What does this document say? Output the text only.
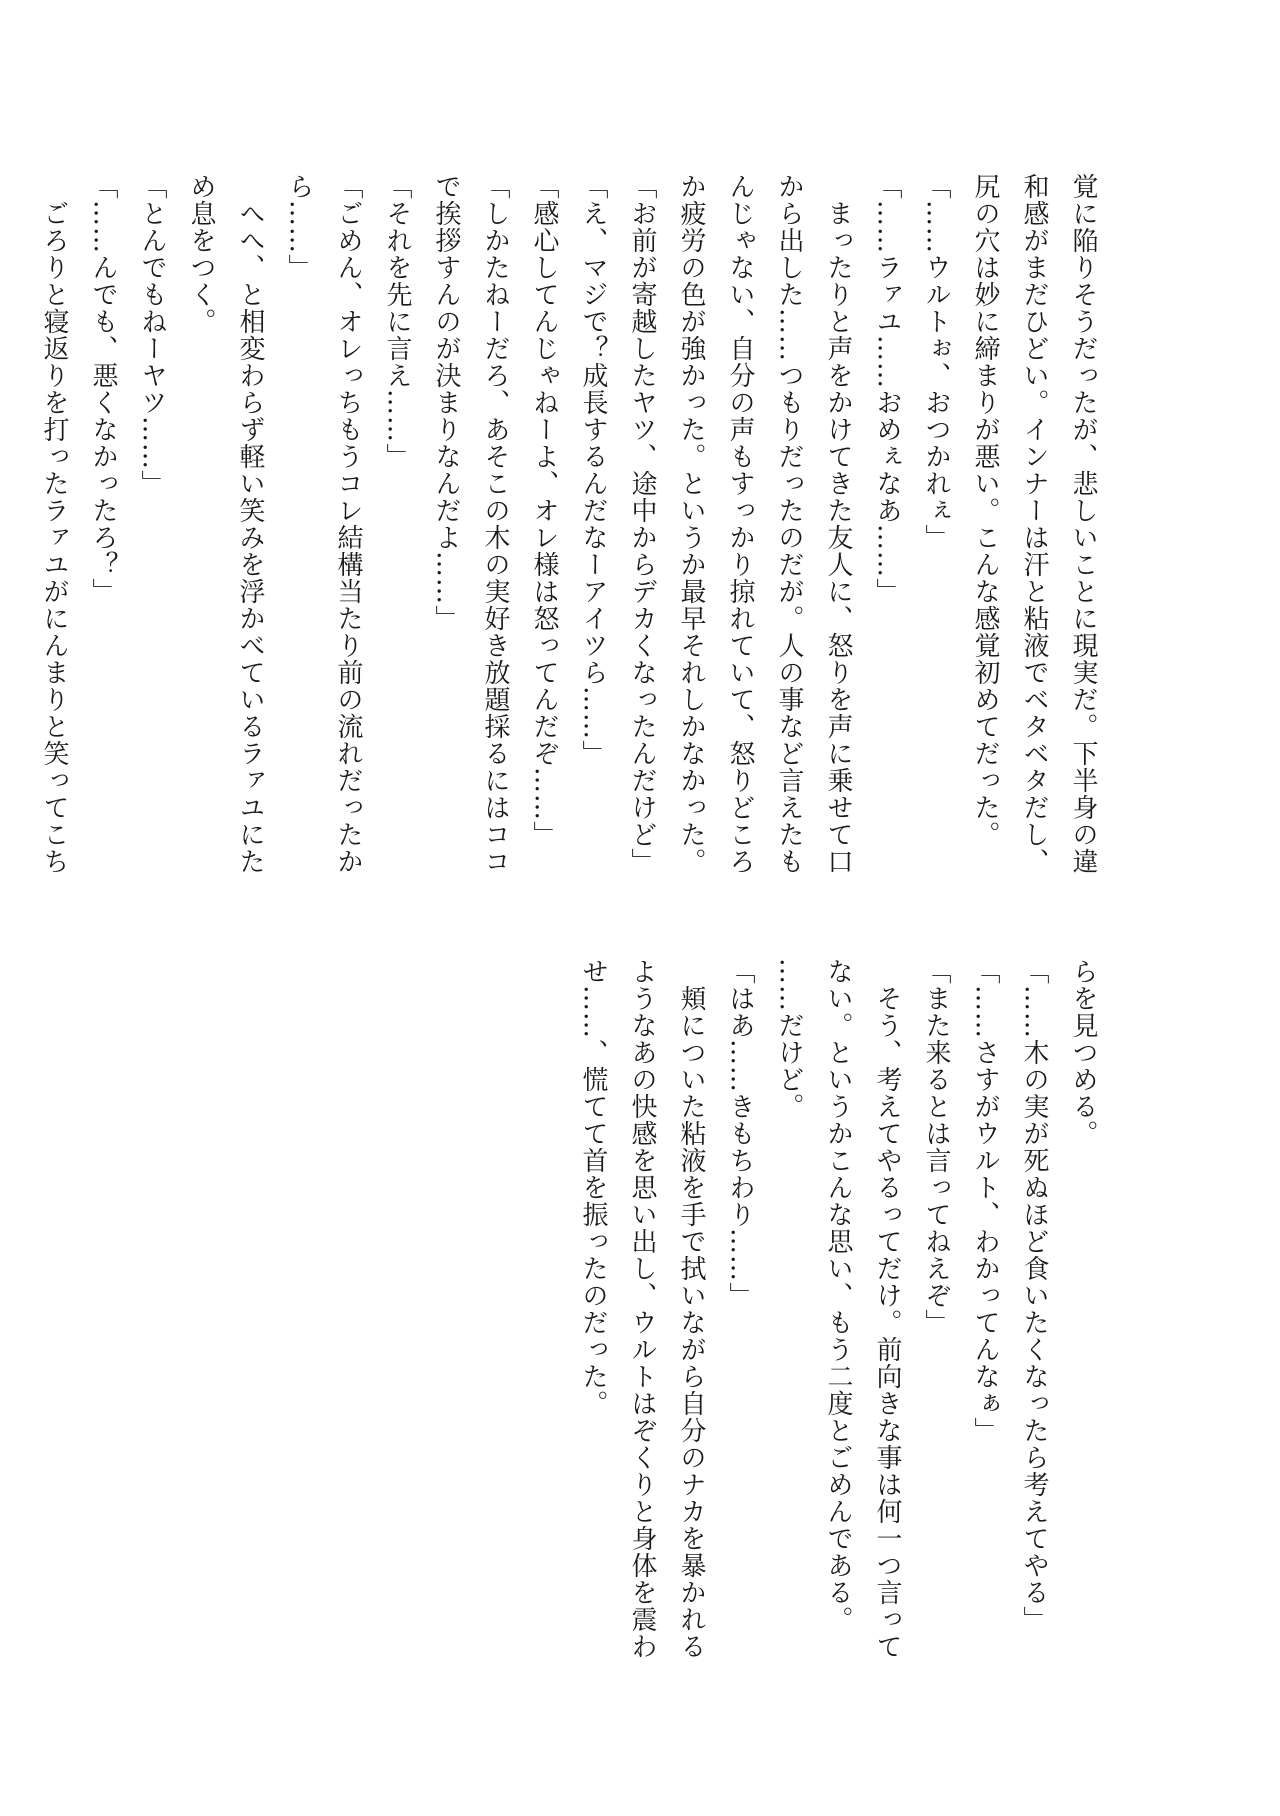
覚に陥りそうだったが、悲しいことに現実だ。下半身の違
和感がまだひどい。インナーは汗と粘液でベタベタだし、
尻の穴は妙に締まりが悪い。こんな感覚初めてだった。
「……ウルトぉ、おつかれぇ」
「……ラァユ……おめぇなあ……」
　まったりと声をかけてきた友人に、怒りを声に乗せて口
から出した……つもりだったのだが。人の事など言えたも
んじゃない、自分の声もすっかり掠れていて、怒りどころ
か疲労の色が強かった。というか最早それしかなかった。
「お前が寄越したヤツ、途中からデカくなったんだけど」
「え、マジで？成長するんだなーアイツら……」
「感心してんじゃねーよ、オレ様は怒ってんだぞ……」
「しかたねーだろ、あそこの木の実好き放題採るにはココ
で挨拶すんのが決まりなんだよ……」
「それを先に言え……」
「ごめん、オレっちもうコレ結構当たり前の流れだったか
ら……」
　へへ、と相変わらず軽い笑みを浮かべているラァユにた
め息をつく。
「とんでもねーヤツ……」
「……んでも、悪くなかったろ？」
　ごろりと寝返りを打ったラァユがにんまりと笑ってこち
らを見つめる。
「……木の実が死ぬほど食いたくなったら考えてやる」
「……さすがウルト、わかってんなぁ」
「また来るとは言ってねえぞ」
　そう、考えてやるってだけ。前向きな事は何一つ言って
ない。というかこんな思い、もう二度とごめんである。
……だけど。
「はあ……きもちわり……」
　頬についた粘液を手で拭いながら自分のナカを暴かれる
ようなあの快感を思い出し、ウルトはぞくりと身体を震わ
せ……、慌てて首を振ったのだった。
